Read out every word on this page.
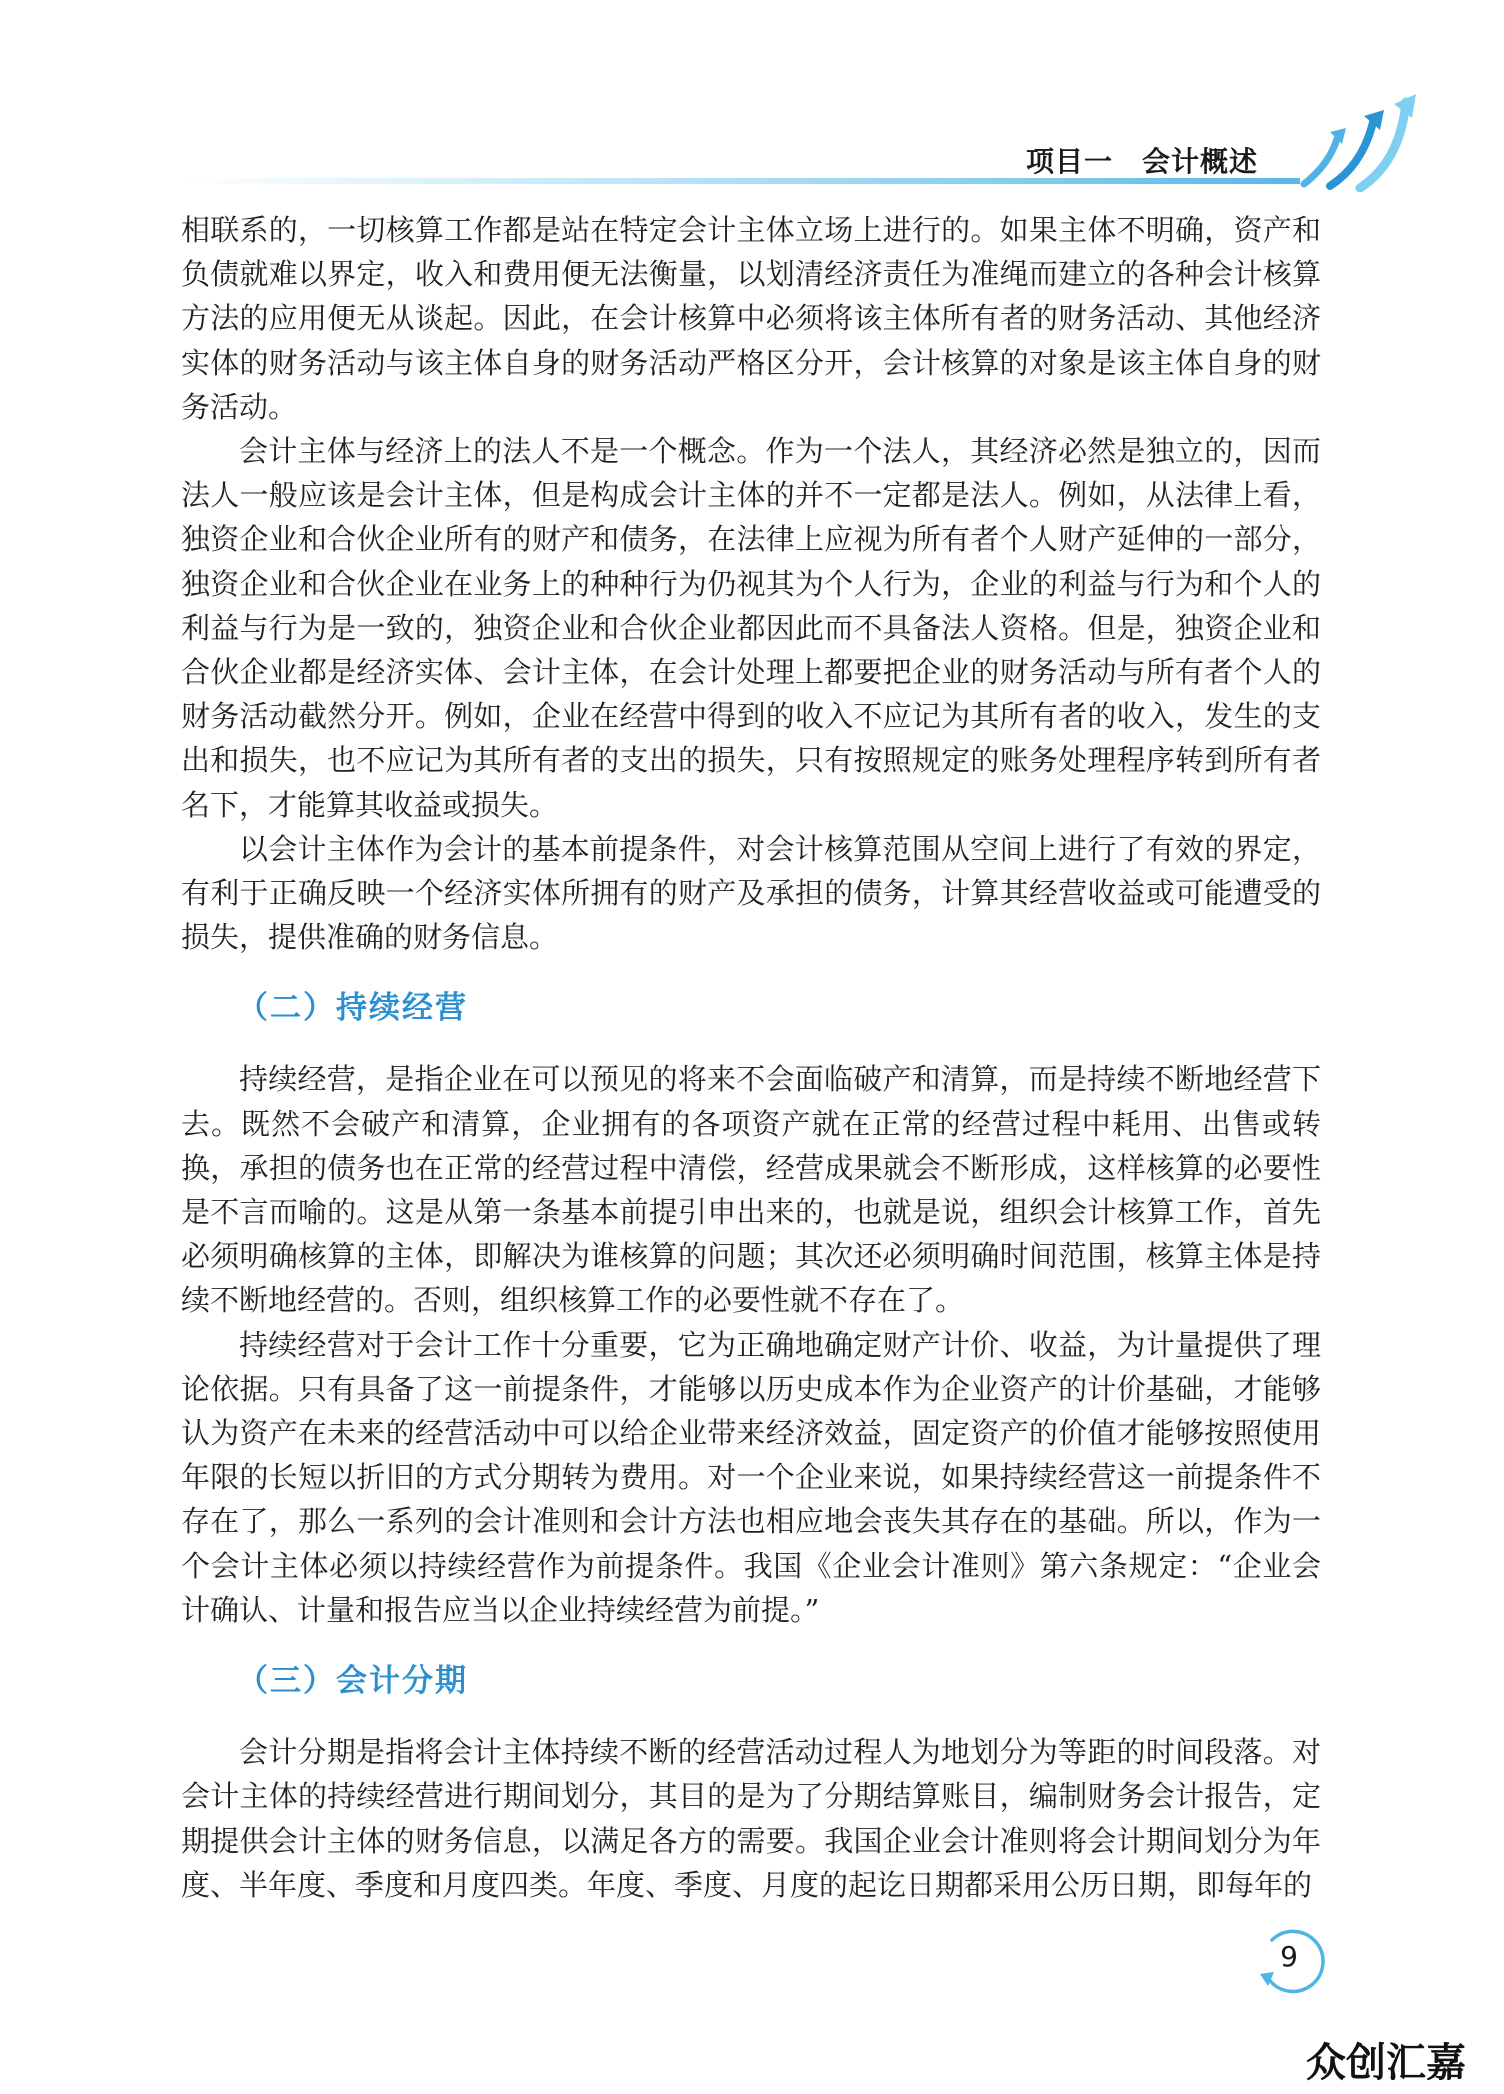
项目一　会计概述

相联系的，一切核算工作都是站在特定会计主体立场上进行的。如果主体不明确，资产和负债就难以界定，收入和费用便无法衡量，以划清经济责任为准绳而建立的各种会计核算方法的应用便无从谈起。因此，在会计核算中必须将该主体所有者的财务活动、其他经济实体的财务活动与该主体自身的财务活动严格区分开，会计核算的对象是该主体自身的财务活动。

会计主体与经济上的法人不是一个概念。作为一个法人，其经济必然是独立的，因而法人一般应该是会计主体，但是构成会计主体的并不一定都是法人。例如，从法律上看，独资企业和合伙企业所有的财产和债务，在法律上应视为所有者个人财产延伸的一部分，独资企业和合伙企业在业务上的种种行为仍视其为个人行为，企业的利益与行为和个人的利益与行为是一致的，独资企业和合伙企业都因此而不具备法人资格。但是，独资企业和合伙企业都是经济实体、会计主体，在会计处理上都要把企业的财务活动与所有者个人的财务活动截然分开。例如，企业在经营中得到的收入不应记为其所有者的收入，发生的支出和损失，也不应记为其所有者的支出的损失，只有按照规定的账务处理程序转到所有者名下，才能算其收益或损失。

以会计主体作为会计的基本前提条件，对会计核算范围从空间上进行了有效的界定，有利于正确反映一个经济实体所拥有的财产及承担的债务，计算其经营收益或可能遭受的损失，提供准确的财务信息。

（二）持续经营

持续经营，是指企业在可以预见的将来不会面临破产和清算，而是持续不断地经营下去。既然不会破产和清算，企业拥有的各项资产就在正常的经营过程中耗用、出售或转换，承担的债务也在正常的经营过程中清偿，经营成果就会不断形成，这样核算的必要性是不言而喻的。这是从第一条基本前提引申出来的，也就是说，组织会计核算工作，首先必须明确核算的主体，即解决为谁核算的问题；其次还必须明确时间范围，核算主体是持续不断地经营的。否则，组织核算工作的必要性就不存在了。

持续经营对于会计工作十分重要，它为正确地确定财产计价、收益，为计量提供了理论依据。只有具备了这一前提条件，才能够以历史成本作为企业资产的计价基础，才能够认为资产在未来的经营活动中可以给企业带来经济效益，固定资产的价值才能够按照使用年限的长短以折旧的方式分期转为费用。对一个企业来说，如果持续经营这一前提条件不存在了，那么一系列的会计准则和会计方法也相应地会丧失其存在的基础。所以，作为一个会计主体必须以持续经营作为前提条件。我国《企业会计准则》第六条规定：“企业会计确认、计量和报告应当以企业持续经营为前提。”

（三）会计分期

会计分期是指将会计主体持续不断的经营活动过程人为地划分为等距的时间段落。对会计主体的持续经营进行期间划分，其目的是为了分期结算账目，编制财务会计报告，定期提供会计主体的财务信息，以满足各方的需要。我国企业会计准则将会计期间划分为年度、半年度、季度和月度四类。年度、季度、月度的起讫日期都采用公历日期，即每年的

9
众创汇嘉
